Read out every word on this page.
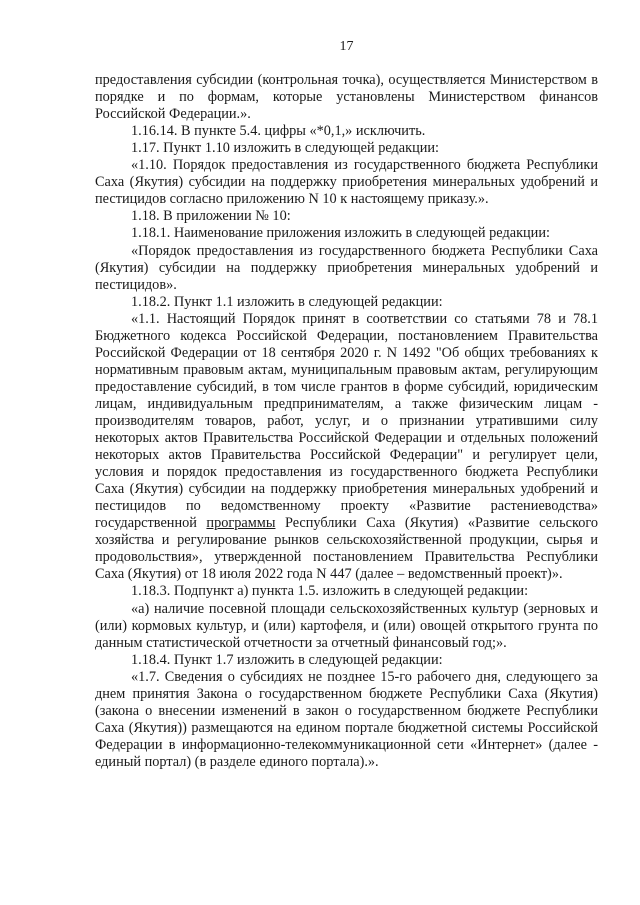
17

предоставления субсидии (контрольная точка), осуществляется Министерством в порядке и по формам, которые установлены Министерством финансов Российской Федерации.».

1.16.14. В пункте 5.4. цифры «*0,1,» исключить.

1.17. Пункт 1.10 изложить в следующей редакции:

«1.10. Порядок предоставления из государственного бюджета Республики Саха (Якутия) субсидии на поддержку приобретения минеральных удобрений и пестицидов согласно приложению N 10 к настоящему приказу.».

1.18. В приложении № 10:

1.18.1. Наименование приложения изложить в следующей редакции:

«Порядок предоставления из государственного бюджета Республики Саха (Якутия) субсидии на поддержку приобретения минеральных удобрений и пестицидов».

1.18.2. Пункт 1.1 изложить в следующей редакции:

«1.1. Настоящий Порядок принят в соответствии со статьями 78 и 78.1 Бюджетного кодекса Российской Федерации, постановлением Правительства Российской Федерации от 18 сентября 2020 г. N 1492 "Об общих требованиях к нормативным правовым актам, муниципальным правовым актам, регулирующим предоставление субсидий, в том числе грантов в форме субсидий, юридическим лицам, индивидуальным предпринимателям, а также физическим лицам - производителям товаров, работ, услуг, и о признании утратившими силу некоторых актов Правительства Российской Федерации и отдельных положений некоторых актов Правительства Российской Федерации" и регулирует цели, условия и порядок предоставления из государственного бюджета Республики Саха (Якутия) субсидии на поддержку приобретения минеральных удобрений и пестицидов по ведомственному проекту «Развитие растениеводства» государственной программы Республики Саха (Якутия) «Развитие сельского хозяйства и регулирование рынков сельскохозяйственной продукции, сырья и продовольствия», утвержденной постановлением Правительства Республики Саха (Якутия) от 18 июля 2022 года N 447 (далее – ведомственный проект)».

1.18.3. Подпункт а) пункта 1.5. изложить в следующей редакции:

«а) наличие посевной площади сельскохозяйственных культур (зерновых и (или) кормовых культур, и (или) картофеля, и (или) овощей открытого грунта по данным статистической отчетности за отчетный финансовый год;».

1.18.4. Пункт 1.7 изложить в следующей редакции:

«1.7. Сведения о субсидиях не позднее 15-го рабочего дня, следующего за днем принятия Закона о государственном бюджете Республики Саха (Якутия) (закона о внесении изменений в закон о государственном бюджете Республики Саха (Якутия)) размещаются на едином портале бюджетной системы Российской Федерации в информационно-телекоммуникационной сети «Интернет» (далее - единый портал) (в разделе единого портала).».
